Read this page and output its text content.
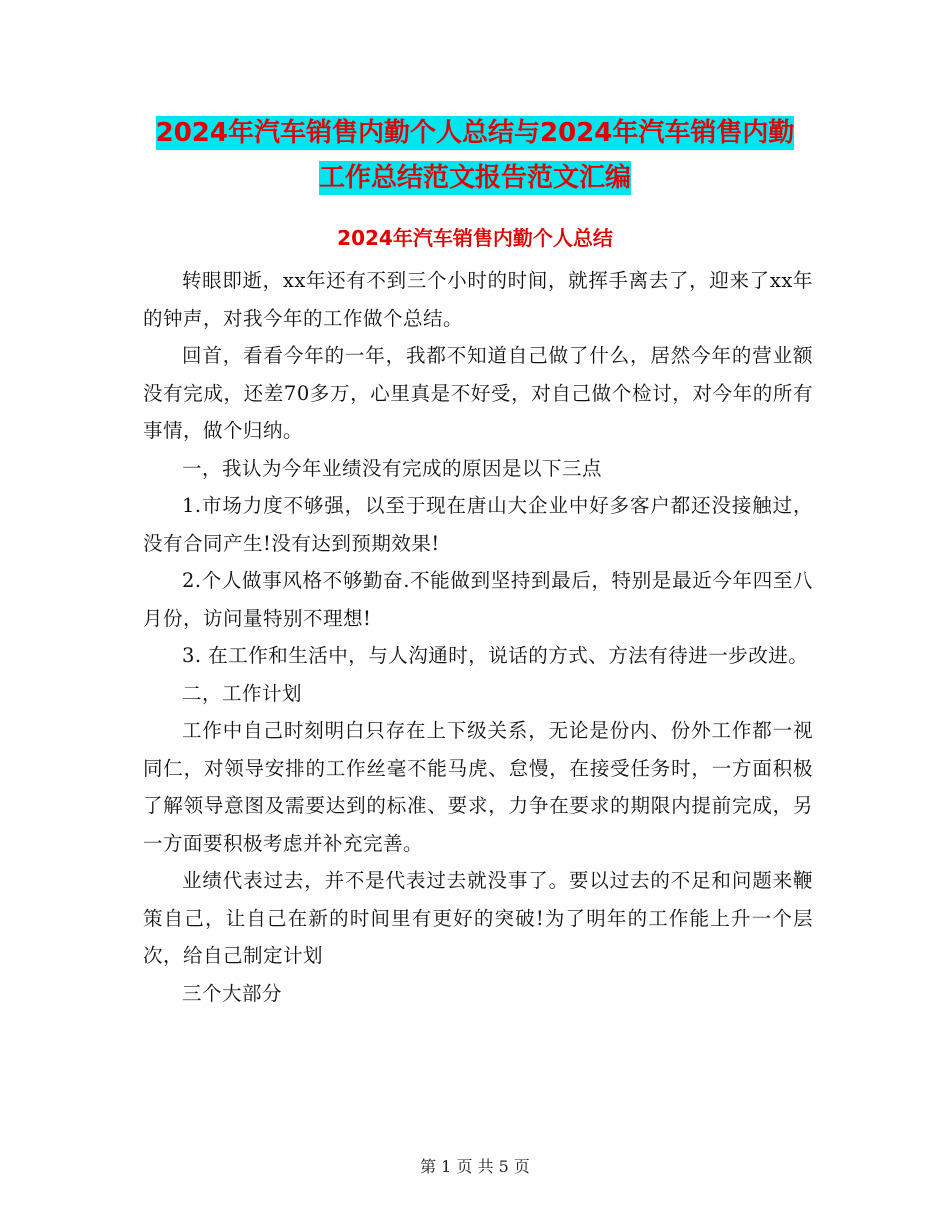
2024年汽车销售内勤个人总结与2024年汽车销售内勤
工作总结范文报告范文汇编
2024年汽车销售内勤个人总结

转眼即逝，xx年还有不到三个小时的时间，就挥手离去了，迎来了xx年的钟声，对我今年的工作做个总结。

回首，看看今年的一年，我都不知道自己做了什么，居然今年的营业额没有完成，还差70多万，心里真是不好受，对自己做个检讨，对今年的所有事情，做个归纳。

一，我认为今年业绩没有完成的原因是以下三点

1.市场力度不够强，以至于现在唐山大企业中好多客户都还没接触过，没有合同产生!没有达到预期效果!

2.个人做事风格不够勤奋.不能做到坚持到最后，特别是最近今年四至八月份，访问量特别不理想!

3. 在工作和生活中，与人沟通时，说话的方式、方法有待进一步改进。

二，工作计划

工作中自己时刻明白只存在上下级关系，无论是份内、份外工作都一视同仁，对领导安排的工作丝毫不能马虎、怠慢，在接受任务时，一方面积极了解领导意图及需要达到的标准、要求，力争在要求的期限内提前完成，另一方面要积极考虑并补充完善。

业绩代表过去，并不是代表过去就没事了。要以过去的不足和问题来鞭策自己，让自己在新的时间里有更好的突破!为了明年的工作能上升一个层次，给自己制定计划

三个大部分

第 1 页 共 5 页
